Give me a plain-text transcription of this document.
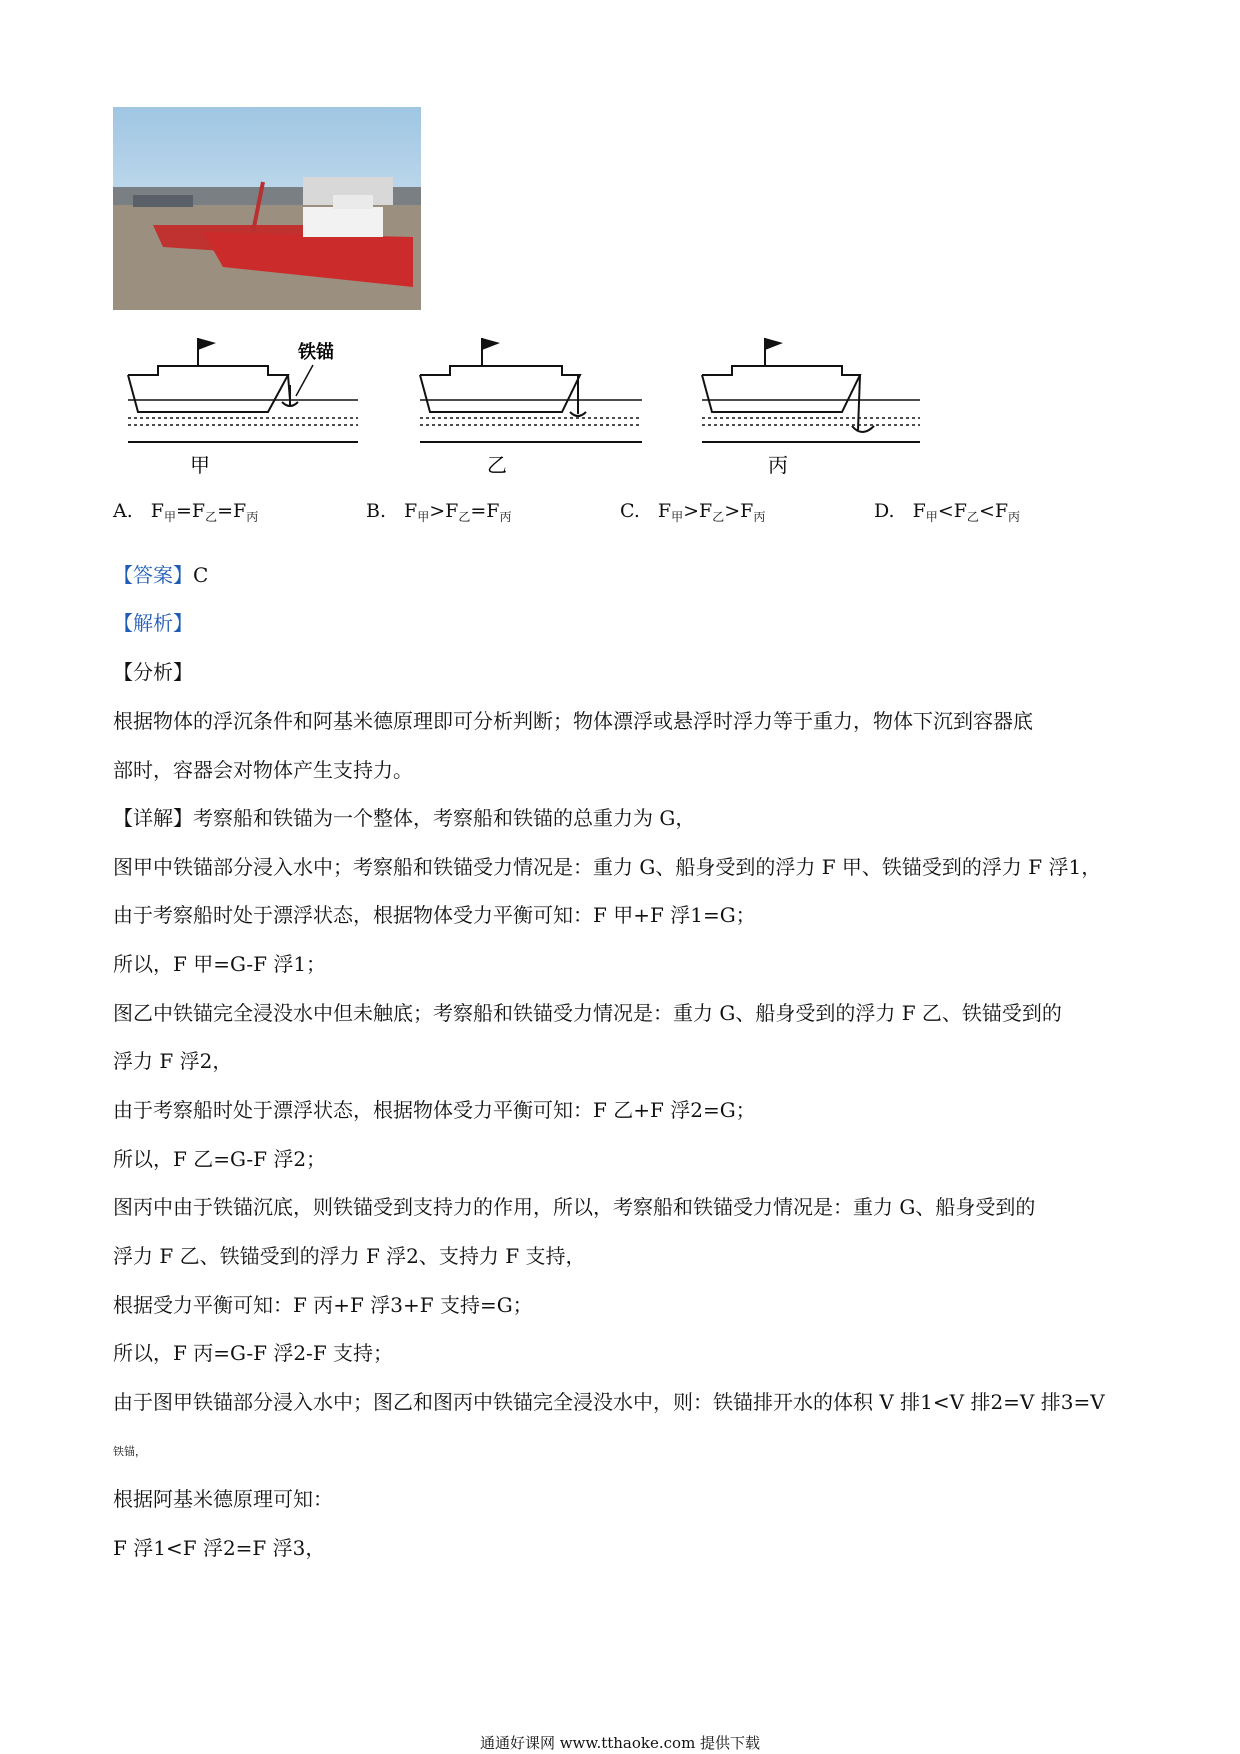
铁锚
甲	乙	丙
A. $F_甲=F_乙=F_丙$	B. $F_甲>F_乙=F_丙$	C. $F_甲>F_乙>F_丙$	D. $F_甲<F_乙<F_丙$
【答案】C
【解析】
【分析】
根据物体的浮沉条件和阿基米德原理即可分析判断；物体漂浮或悬浮时浮力等于重力，物体下沉到容器底
部时，容器会对物体产生支持力。
【详解】考察船和铁锚为一个整体，考察船和铁锚的总重力为 G，
图甲中铁锚部分浸入水中；考察船和铁锚受力情况是：重力 G、船身受到的浮力 F 甲、铁锚受到的浮力 F 浮1，
由于考察船时处于漂浮状态，根据物体受力平衡可知：F 甲+F 浮1=G；
所以，F 甲=G-F 浮1；
图乙中铁锚完全浸没水中但未触底；考察船和铁锚受力情况是：重力 G、船身受到的浮力 F 乙、铁锚受到的
浮力 F 浮2，
由于考察船时处于漂浮状态，根据物体受力平衡可知：F 乙+F 浮2=G；
所以，F 乙=G-F 浮2；
图丙中由于铁锚沉底，则铁锚受到支持力的作用，所以，考察船和铁锚受力情况是：重力 G、船身受到的
浮力 F 乙、铁锚受到的浮力 F 浮2、支持力 F 支持，
根据受力平衡可知：F 丙+F 浮3+F 支持=G；
所以，F 丙=G-F 浮2-F 支持；
由于图甲铁锚部分浸入水中；图乙和图丙中铁锚完全浸没水中，则：铁锚排开水的体积 V 排1<V 排2=V 排3=V
铁锚，
根据阿基米德原理可知：
F 浮1<F 浮2=F 浮3，
通通好课网 www.tthaoke.com 提供下载
